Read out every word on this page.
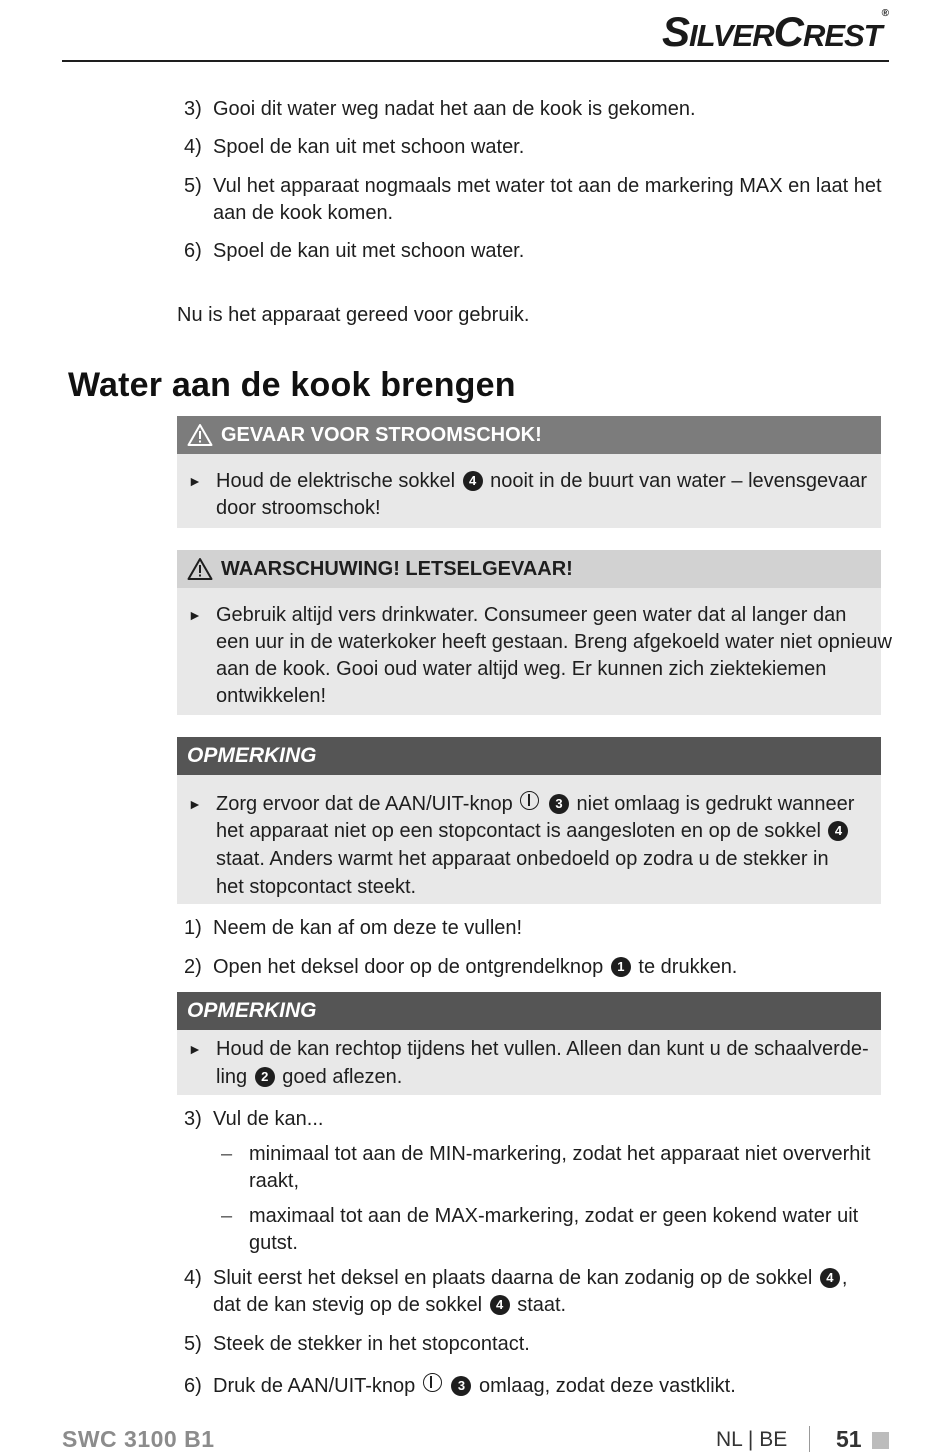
SILVERCREST®
3) Gooi dit water weg nadat het aan de kook is gekomen.
4) Spoel de kan uit met schoon water.
5) Vul het apparaat nogmaals met water tot aan de markering MAX en laat het
aan de kook komen.
6) Spoel de kan uit met schoon water.
Nu is het apparaat gereed voor gebruik.
Water aan de kook brengen
GEVAAR VOOR STROOMSCHOK!
► Houd de elektrische sokkel 4 nooit in de buurt van water – levensgevaar
door stroomschok!
WAARSCHUWING! LETSELGEVAAR!
► Gebruik altijd vers drinkwater. Consumeer geen water dat al langer dan
een uur in de waterkoker heeft gestaan. Breng afgekoeld water niet opnieuw
aan de kook. Gooi oud water altijd weg. Er kunnen zich ziektekiemen
ontwikkelen!
OPMERKING
► Zorg ervoor dat de AAN/UIT-knop	3 niet omlaag is gedrukt wanneer
het apparaat niet op een stopcontact is aangesloten en op de sokkel 4
staat. Anders warmt het apparaat onbedoeld op zodra u de stekker in
het stopcontact steekt.
1) Neem de kan af om deze te vullen!
2) Open het deksel door op de ontgrendelknop 1 te drukken.
OPMERKING
► Houd de kan rechtop tijdens het vullen. Alleen dan kunt u de schaalverde-
ling 2 goed aflezen.
3) Vul de kan...
– minimaal tot aan de MIN-markering, zodat het apparaat niet oververhit
raakt,
– maximaal tot aan de MAX-markering, zodat er geen kokend water uit
gutst.
4) Sluit eerst het deksel en plaats daarna de kan zodanig op de sokkel 4 ,
dat de kan stevig op de sokkel 4 staat.
5) Steek de stekker in het stopcontact.
6) Druk de AAN/UIT-knop	3 omlaag, zodat deze vastklikt.
SWC 3100 B1	NL | BE 51
